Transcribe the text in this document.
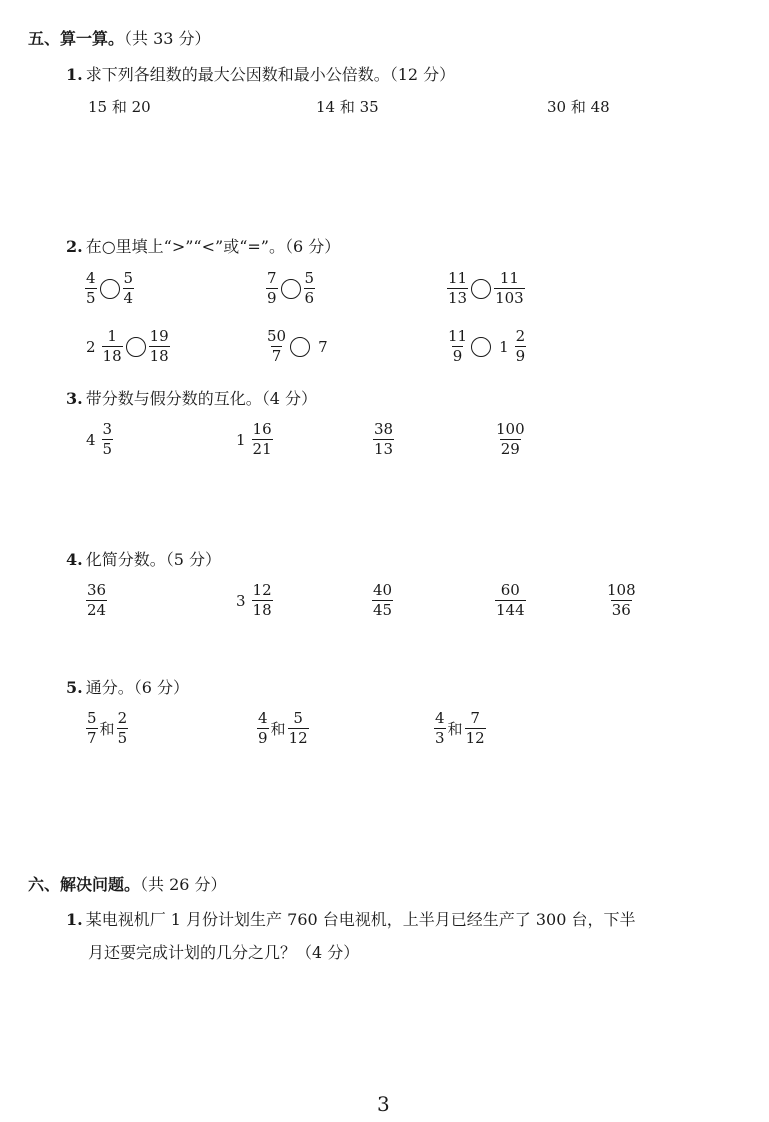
五、算一算。（共 33 分）
1. 求下列各组数的最大公因数和最小公倍数。（12 分）
15 和 20	14 和 35	30 和 48
2. 在○里填上“>”“<”或“=”。（6 分）
$\frac{4}{5} \frac{5}{4}$	$\frac{7}{9} \frac{5}{6}$	$\frac{11}{13} \frac{11}{103}$
$2 \frac{1}{18} \frac{19}{18}$	$\frac{50}{7} 7$	$\frac{11}{9} 1 \frac{2}{9}$
3. 带分数与假分数的互化。（4 分）
$4 \frac{3}{5}$	$1 \frac{16}{21}$	$\frac{38}{13}$	$\frac{100}{29}$
4. 化简分数。（5 分）
$\frac{36}{24}$	$3 \frac{12}{18}$	$\frac{40}{45}$	$\frac{60}{144}$	$\frac{108}{36}$
5. 通分。（6 分）
$\frac{5}{7}$ 和 $\frac{2}{5}$	$\frac{4}{9}$ 和 $\frac{5}{12}$	$\frac{4}{3}$ 和 $\frac{7}{12}$
六、解决问题。（共 26 分）
1. 某电视机厂 1 月份计划生产 760 台电视机，上半月已经生产了 300 台，下半
月还要完成计划的几分之几？（4 分）
3
